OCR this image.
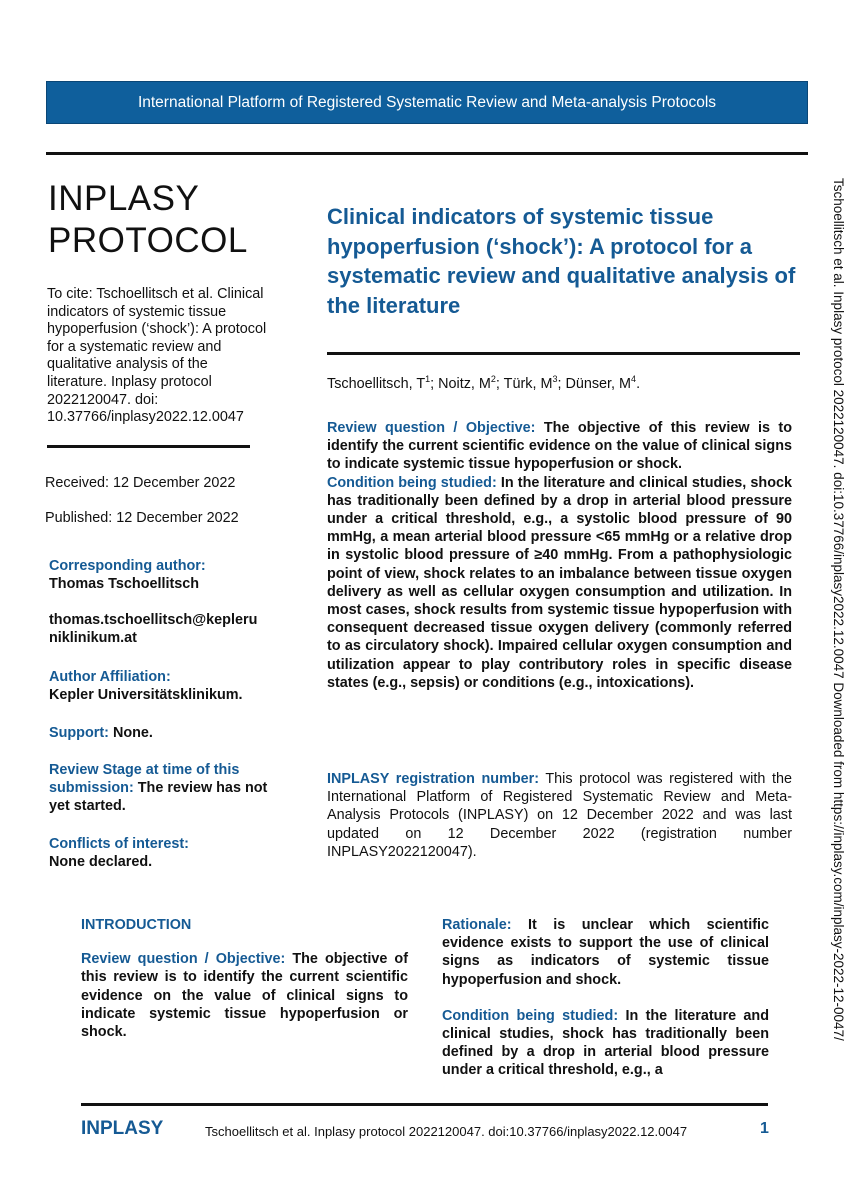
International Platform of Registered Systematic Review and Meta-analysis Protocols
INPLASY
PROTOCOL
To cite: Tschoellitsch et al. Clinical indicators of systemic tissue hypoperfusion (‘shock’): A protocol for a systematic review and qualitative analysis of the literature. Inplasy protocol 2022120047. doi: 10.37766/inplasy2022.12.0047
Received: 12 December 2022
Published: 12 December 2022
Corresponding author:
Thomas Tschoellitsch
thomas.tschoellitsch@kepleru
niklinikum.at
Author Affiliation:
Kepler Universitätsklinikum.
Support: None.
Review Stage at time of this submission: The review has not yet started.
Conflicts of interest:
None declared.
Clinical indicators of systemic tissue hypoperfusion (‘shock’): A protocol for a systematic review and qualitative analysis of the literature
Tschoellitsch, $T^1$; Noitz, $M^2$; Türk, $M^3$; Dünser, $M^4$.
Review question / Objective: The objective of this review is to identify the current scientific evidence on the value of clinical signs to indicate systemic tissue hypoperfusion or shock.
Condition being studied: In the literature and clinical studies, shock has traditionally been defined by a drop in arterial blood pressure under a critical threshold, e.g., a systolic blood pressure of 90 mmHg, a mean arterial blood pressure <65 mmHg or a relative drop in systolic blood pressure of ≥40 mmHg. From a pathophysiologic point of view, shock relates to an imbalance between tissue oxygen delivery as well as cellular oxygen consumption and utilization. In most cases, shock results from systemic tissue hypoperfusion with consequent decreased tissue oxygen delivery (commonly referred to as circulatory shock). Impaired cellular oxygen consumption and utilization appear to play contributory roles in specific disease states (e.g., sepsis) or conditions (e.g., intoxications).
INPLASY registration number: This protocol was registered with the International Platform of Registered Systematic Review and Meta-Analysis Protocols (INPLASY) on 12 December 2022 and was last updated on 12 December 2022 (registration number INPLASY2022120047).
INTRODUCTION
Review question / Objective: The objective of this review is to identify the current scientific evidence on the value of clinical signs to indicate systemic tissue hypoperfusion or shock.
Rationale: It is unclear which scientific evidence exists to support the use of clinical signs as indicators of systemic tissue hypoperfusion and shock.
Condition being studied: In the literature and clinical studies, shock has traditionally been defined by a drop in arterial blood pressure under a critical threshold, e.g., a
Tschoellitsch et al. Inplasy protocol 2022120047. doi:10.37766/inplasy2022.12.0047 Downloaded from https://inplasy.com/inplasy-2022-12-0047/
INPLASY	Tschoellitsch et al. Inplasy protocol 2022120047. doi:10.37766/inplasy2022.12.0047	1
